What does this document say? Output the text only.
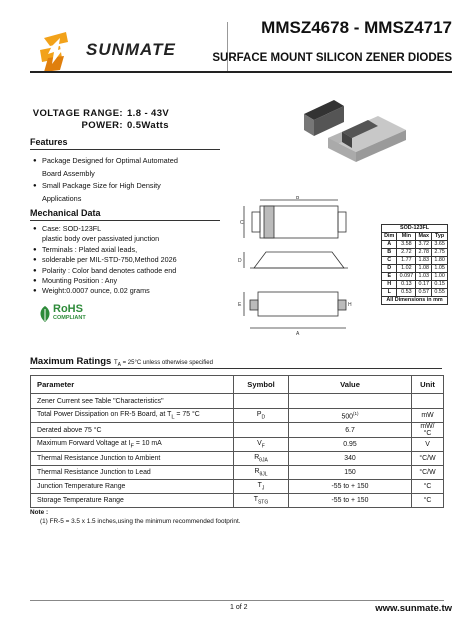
SUNMATE
MMSZ4678 - MMSZ4717
SURFACE MOUNT SILICON ZENER DIODES
VOLTAGE RANGE: 1.8 - 43V
POWER: 0.5Watts
Features
● Package Designed for Optimal Automated
Board Assembly
● Small Package Size for High Density
Applications
Mechanical Data
● Case: SOD-123FL
plastic body over passivated junction
● Terminals : Plated axial leads,
● solderable per MIL-STD-750,Method 2026
● Polarity : Color band denotes cathode end
● Mounting Position : Any
● Weight:0.0007 ounce, 0.02 grams
RoHS
COMPLIANT
C
B
D
E
A
H
SOD-123FL			
Dim	Min	Max	Typ
A	3.58	3.72	3.65
B	2.72	2.78	2.75
C	1.77	1.83	1.80
D	1.02	1.08	1.05
E	0.097	1.03	1.00
H	0.13	0.17	0.15
L	0.53	0.57	0.55
All Dimensions in mm			
Maximum Ratings $T_A = 25^\circ C$ unless otherwise specified
Parameter	Symbol	Value	Unit
Zener Current see Table "Characteristics"			
Total Power Dissipation on FR-5 Board, at $T_L = 75$ °C	$P_D$	500$^{(1)}$	mW
Derated above 75 °C		6.7	mW/°C
Maximum Forward Voltage at $I_F = 10$ mA	$V_F$	0.95	V
Thermal Resistance Junction to Ambient	$R_{\theta JA}$	340	°C/W
Thermal Resistance Junction to Lead	$R_{\theta JL}$	150	°C/W
Junction Temperature Range	$T_J$	-55 to + 150	°C
Storage Temperature Range	$T_{STG}$	-55 to + 150	°C
Note :
(1) FR-5 = 3.5 x 1.5 inches,using the minimum recommended footprint.
1 of 2	www.sunmate.tw
